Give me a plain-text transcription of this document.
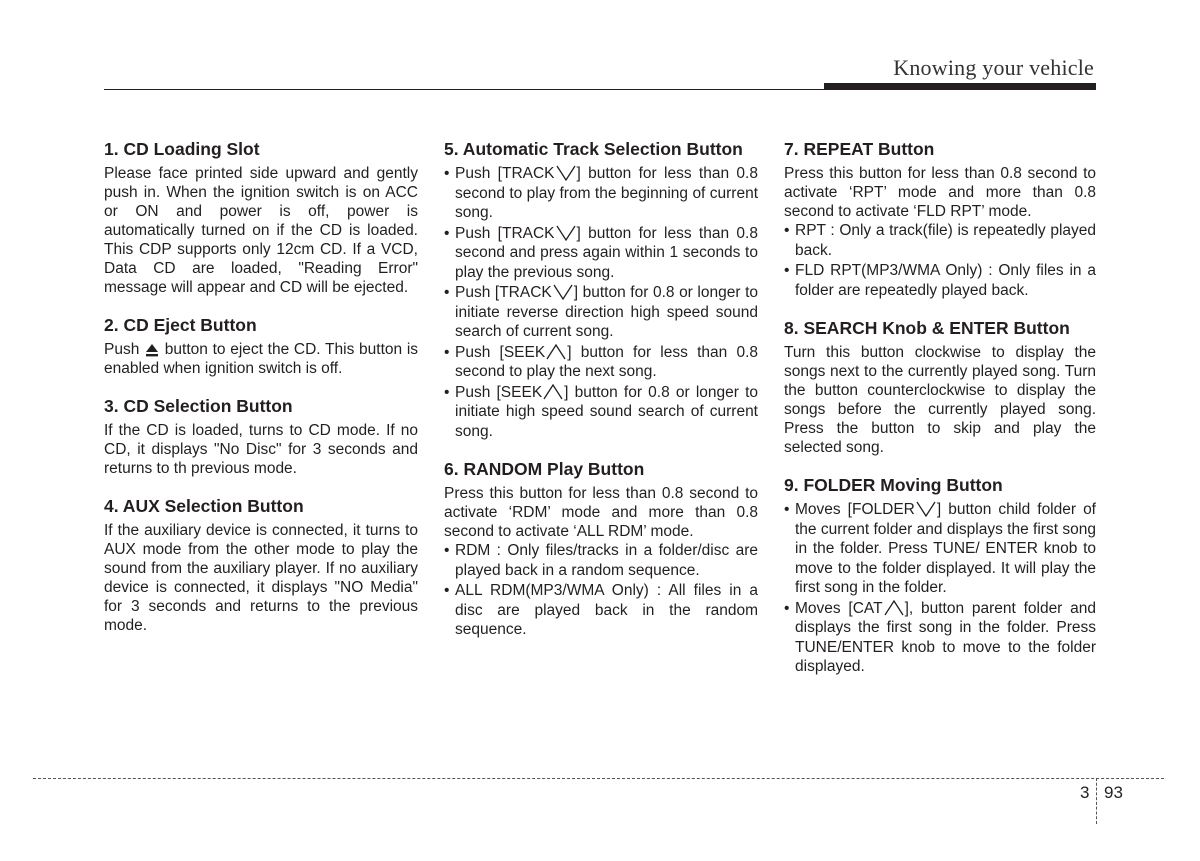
Knowing your vehicle

1. CD Loading Slot

Please face printed side upward and gently push in. When the ignition switch is on ACC or ON and power is off, power is automatically turned on if the CD is loaded. This CDP supports only 12cm CD. If a VCD, Data CD are loaded, "Reading Error" message will appear and CD will be ejected.

2. CD Eject Button

Push button to eject the CD. This button is enabled when ignition switch is off.

3. CD Selection Button

If the CD is loaded, turns to CD mode. If no CD, it displays "No Disc" for 3 seconds and returns to th previous mode.

4. AUX Selection Button

If the auxiliary device is connected, it turns to AUX mode from the other mode to play the sound from the auxiliary player. If no auxiliary device is connected, it displays "NO Media" for 3 seconds and returns to the previous mode.

5. Automatic Track Selection Button

• Push [TRACK ] button for less than 0.8 second to play from the beginning of current song.
• Push [TRACK ] button for less than 0.8 second and press again within 1 seconds to play the previous song.
• Push [TRACK ] button for 0.8 or longer to initiate reverse direction high speed sound search of current song.
• Push [SEEK ] button for less than 0.8 second to play the next song.
• Push [SEEK ] button for 0.8 or longer to initiate high speed sound search of current song.

6. RANDOM Play Button

Press this button for less than 0.8 second to activate ‘RDM’ mode and more than 0.8 second to activate ‘ALL RDM’ mode.

• RDM : Only files/tracks in a folder/disc are played back in a random sequence.
• ALL RDM(MP3/WMA Only) : All files in a disc are played back in the random sequence.

7. REPEAT Button

Press this button for less than 0.8 second to activate ‘RPT’ mode and more than 0.8 second to activate ‘FLD RPT’ mode.

• RPT : Only a track(file) is repeatedly played back.
• FLD RPT(MP3/WMA Only) : Only files in a folder are repeatedly played back.

8. SEARCH Knob & ENTER Button

Turn this button clockwise to display the songs next to the currently played song. Turn the button counterclockwise to display the songs before the currently played song. Press the button to skip and play the selected song.

9. FOLDER Moving Button

• Moves [FOLDER ] button child folder of the current folder and displays the first song in the folder. Press TUNE/ ENTER knob to move to the folder displayed. It will play the first song in the folder.
• Moves [CAT ], button parent folder and displays the first song in the folder. Press TUNE/ENTER knob to move to the folder displayed.
3 93
